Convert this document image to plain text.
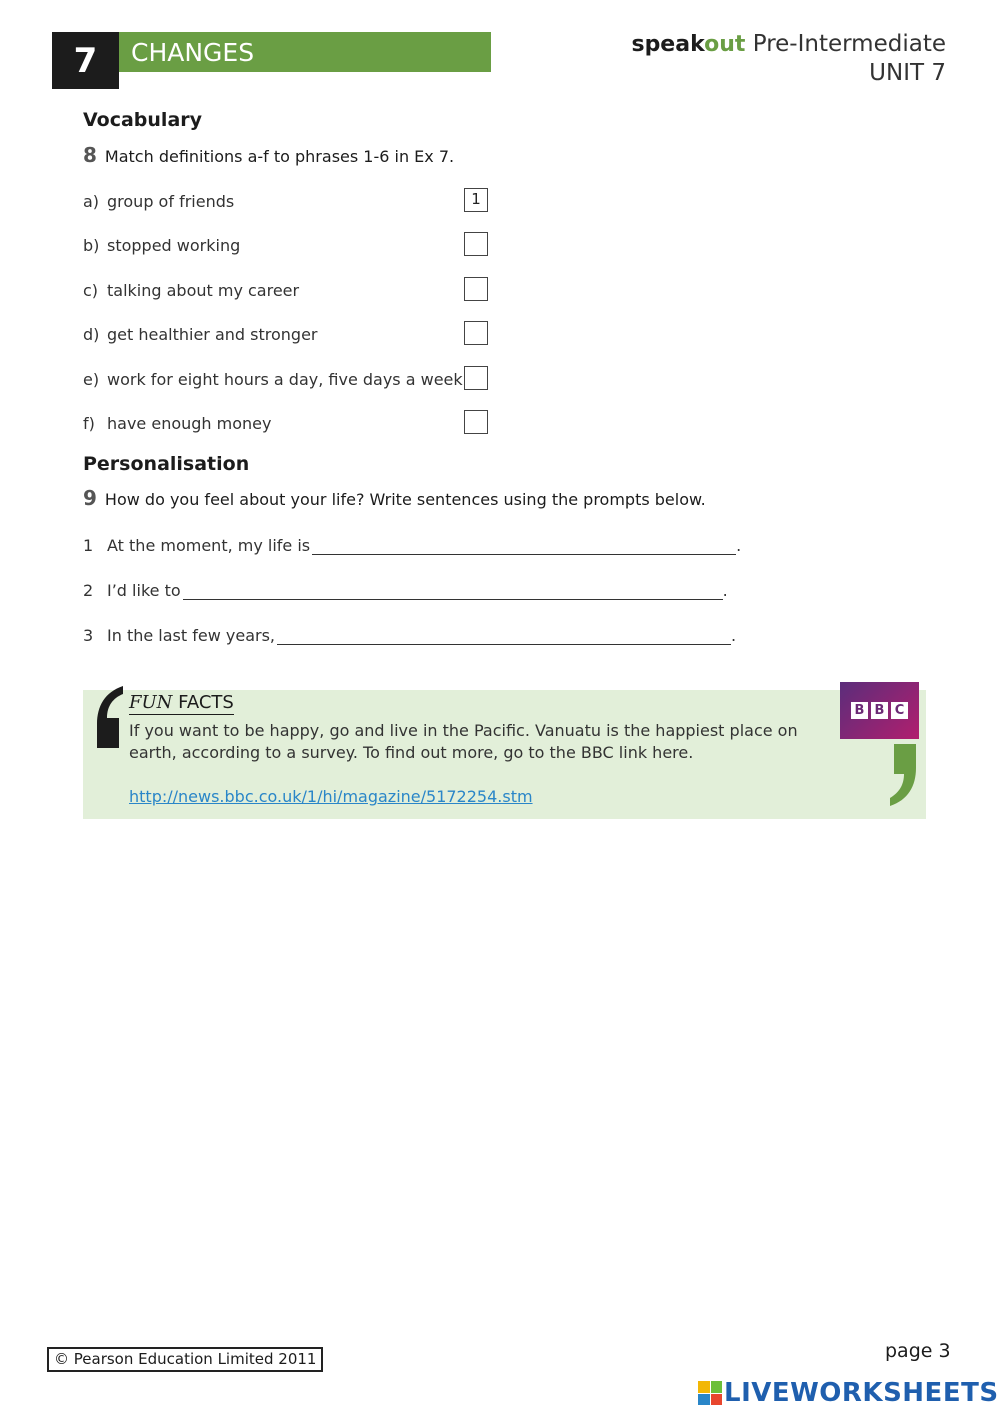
7	CHANGES	speakout Pre-Intermediate
UNIT 7
Vocabulary
8 Match definitions a-f to phrases 1-6 in Ex 7.
a) group of friends	1
b) stopped working
c) talking about my career
d) get healthier and stronger
e) work for eight hours a day, five days a week
f) have enough money
Personalisation
9 How do you feel about your life? Write sentences using the prompts below.
1 At the moment, my life is	.
2 I’d like to	.
3 In the last few years,	.
FUN FACTS
If you want to be happy, go and live in the Pacific. Vanuatu is the happiest place on earth, according to a survey. To find out more, go to the BBC link here.
http://news.bbc.co.uk/1/hi/magazine/5172254.stm
B B C
© Pearson Education Limited 2011	page 3
LIVEWORKSHEETS
